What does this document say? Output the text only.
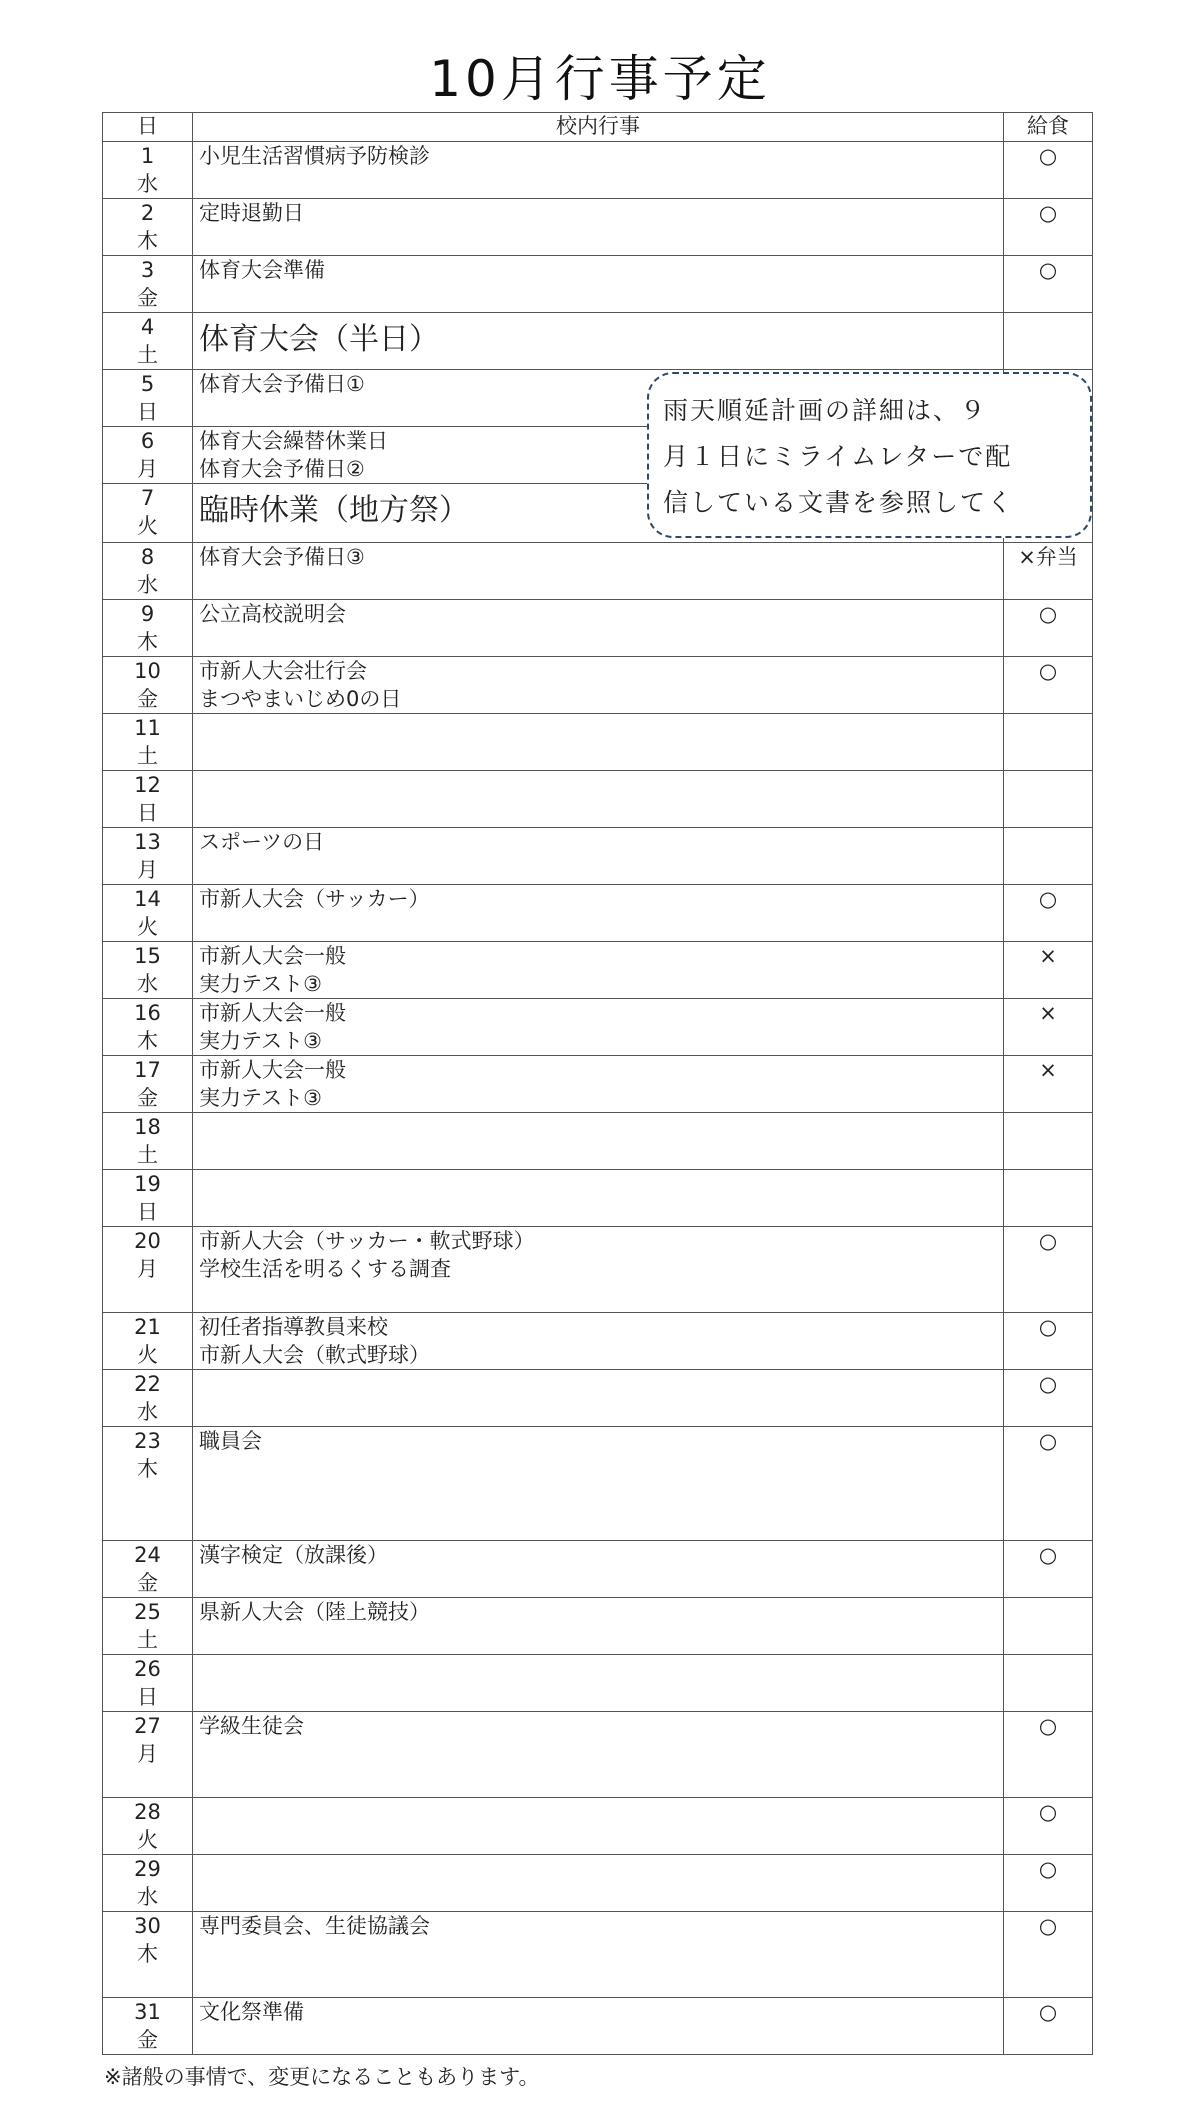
10月行事予定
日	校内行事	給食

1
水	小児生活習慣病予防検診	○

2
木	定時退勤日	○

3
金	体育大会準備	○

4
土	体育大会（半日）	

5
日	体育大会予備日①	

6
月	体育大会繰替休業日
体育大会予備日②	

7
火	臨時休業（地方祭）	

8
水	体育大会予備日③	×弁当

9
木	公立高校説明会	○

10
金	市新人大会壮行会
まつやまいじめ0の日	○

11
土		

12
日		

13
月	スポーツの日	

14
火	市新人大会（サッカー）	○

15
水	市新人大会一般
実力テスト③	×

16
木	市新人大会一般
実力テスト③	×

17
金	市新人大会一般
実力テスト③	×

18
土		

19
日		

20
月	市新人大会（サッカー・軟式野球）
学校生活を明るくする調査	○

21
火	初任者指導教員来校
市新人大会（軟式野球）	○

22
水		○

23
木	職員会	○

24
金	漢字検定（放課後）	○

25
土	県新人大会（陸上競技）	

26
日		

27
月	学級生徒会	○

28
火		○

29
水		○

30
木	専門委員会、生徒協議会	○

31
金	文化祭準備	○
雨天順延計画の詳細は、９
月１日にミライムレターで配
信している文書を参照してく
※諸般の事情で、変更になることもあります。
